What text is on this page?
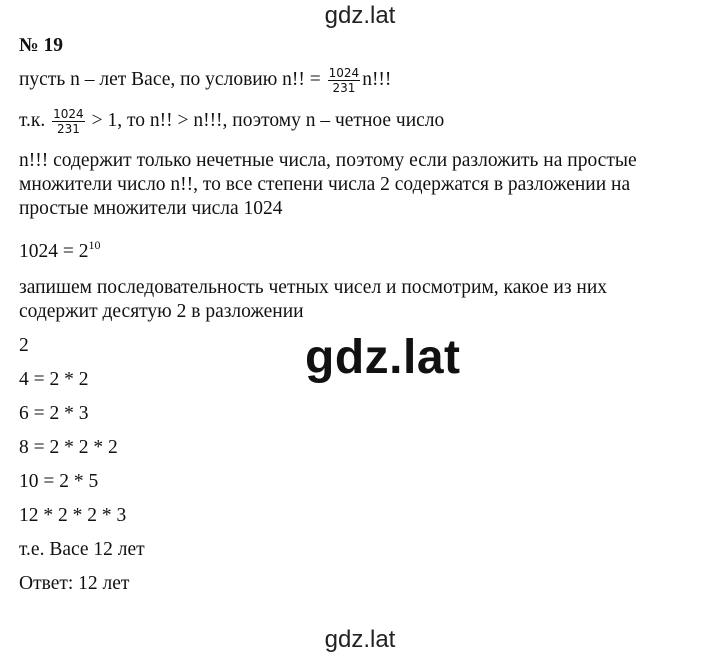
gdz.lat
№ 19
пусть n – лет Васе, по условию n!! = $\frac{1024}{231} n$!!!
т.к. $\frac{1024}{231} > 1$, то n!! > n!!!, поэтому n – четное число
n!!! содержит только нечетные числа, поэтому если разложить на простые
множители число n!!, то все степени числа 2 содержатся в разложении на
простые множители числа 1024
$1024 = 2^{10}$
запишем последовательность четных чисел и посмотрим, какое из них
содержит десятую 2 в разложении
2
4 = 2 * 2
6 = 2 * 3
8 = 2 * 2 * 2
10 = 2 * 5
12 * 2 * 2 * 3
т.е. Васе 12 лет
Ответ: 12 лет
gdz.lat
gdz.lat
